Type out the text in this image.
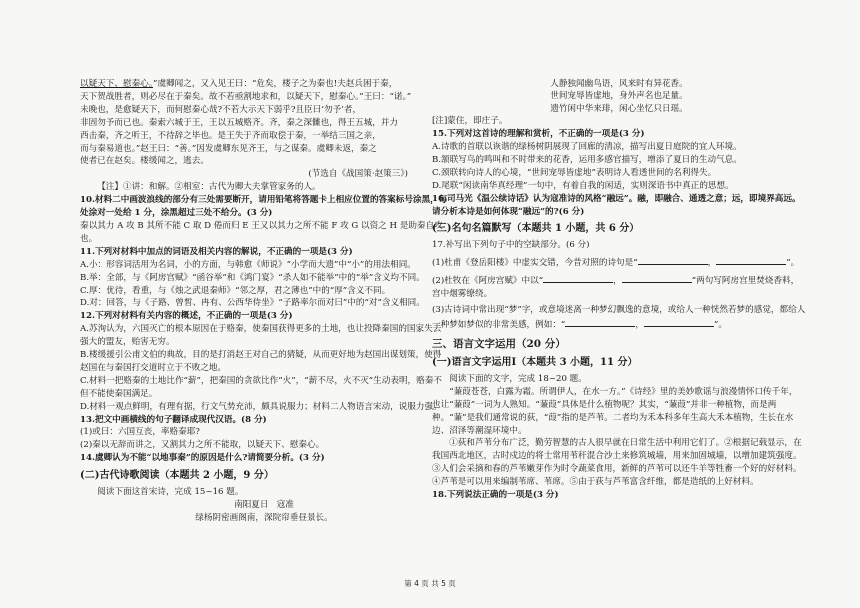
以疑天下、慰秦心。”虞卿闻之，又入见王曰：“危矣，楼子之为秦也!夫赵兵困于秦，

天下贺战胜者，则必尽在于秦矣。故不若亟割地求和，以疑天下，慰秦心。”王曰：“诺。”

未晚也，是愈疑天下，而何慰秦心哉?不若大示天下弱乎?且臣曰‘勿予’者，

非固勿予而已也。秦索六城于王，王以五城赂齐。齐，秦之深雠也，得王五城，并力

西击秦，齐之听王，不待辞之毕也。是王失于齐而取偿于秦，一举结三国之亲，

而与秦易道也。”赵王曰：“善。”因发虞卿东见齐王，与之谋秦。虞卿未返，秦之

使者已在赵矣。楼缓闻之，逃去。

(节选自《战国策·赵策三》)

【注】①讲：和解。②相室：古代为卿大夫掌管家务的人。

10.材料二中画波浪线的部分有三处需要断开，请用铅笔将答题卡上相应位置的答案标号涂黑，每处涂对一处给 1 分，涂黑超过三处不给分。(3 分)

秦以其力 A 攻 B 其所不能 C 取 D 倦而归 E 王又以其力之所不能 F 攻 G 以资之 H 是助秦自攻也。

11.下列对材料中加点的词语及相关内容的解说，不正确的一项是(3 分)

A.小：形容词活用为名词，小的方面，与韩愈《师说》“小学而大遗”中“小”的用法相同。

B.举：全部，与《阿房宫赋》“函谷举”和《鸿门宴》“杀人如不能举”中的“举”含义均不同。

C.厚：优待，看重，与《烛之武退秦师》“邻之厚，君之薄也”中的“厚”含义不同。

D.对：回答，与《子路、曾皙、冉有、公西华侍坐》“子路率尔而对曰”中的“对”含义相同。

12.下列对材料有关内容的概述，不正确的一项是(3 分)

A.苏洵认为，六国灭亡的根本原因在于赂秦，使秦国获得更多的土地，也让投降秦国的国家失去强大的盟友，贻害无穷。

B.楼缓援引公甫文伯的典故，目的是打消赵王对自己的猜疑，从而更好地为赵国出谋划策，使得赵国在与秦国打交道时立于不败之地。

C.材料一把赂秦的土地比作“薪”，把秦国的贪欲比作“火”，“薪不尽，火不灭”生动表明，赂秦不但不能使秦国满足。

D.材料一观点鲜明，有理有据，行文气势充沛，颇具说服力；材料二人物语言宋动，说服力强。

13.把文中画横线的句子翻译成现代汉语。(8 分)

(1)或曰：六国互丧，率赂秦耶?

(2)秦以无辞而讲之，又割其力之所不能取，以疑天下、慰秦心。

14.虞卿认为不能“以地事秦”的原因是什么?请简要分析。(3 分)

(二)古代诗歌阅读（本题共 2 小题，9 分）

阅读下面这首宋诗，完成 15~16 题。

南阳夏日 寇准

绿杨阴密画阁南，深院帘垂昼景长。

人静独闻幽鸟语，风来时有异花香。

世间宠辱皆虚地，身外声名也足量。

遗竹闲中华来琲，闲心坐忆只日瑶。

[注]蒙住，即庄子。

15.下列对这首诗的理解和赏析，不正确的一项是(3 分)

A.诗歌的首联以诙谐的绿杨树阴展现了回廊的清凉，描写出夏日庭院的宜人环境。

B.颔联写鸟的鸣叫和不时带来的花香，运用多感官描写，增添了夏日的生动气息。

C.颈联转向诗人的心境，“世间宠辱皆虚地”表明诗人看透世间的名利得失。

D.尾联“闲读南华真经理”一句中，有着自我的闲适，实则深语书中真正的思想。

16.司马光《温公续诗话》认为寇准诗的风格“融远”。融，即融合、通透之意；远，即境界高远。请分析本诗是如何体现“融远”的?(6 分)

(三)名句名篇默写（本题共 1 小题，共 6 分）

17.补写出下列句子中的空缺部分。(6 分)

(1)杜甫《登岳阳楼》中虚实交错，今昔对照的诗句是“	，	”。

(2)杜牧在《阿房宫赋》中以“	，	”两句写阿房宫里焚烧香料，宫中烟雾缭绕。

(3)古诗词中常出现“梦”字，或意境迷离一种梦幻飘逸的意境，或给人一种恍然若梦的感觉，都给人一种梦如梦似的非常美感，例如：“	，	”。

三、语言文字运用（20 分）

(一)语言文字运用Ⅰ（本题共 3 小题，11 分）

阅读下面的文字，完成 18~20 题。

“蒹葭苍苍，白露为霜。所谓伊人，在水一方。”《诗经》里的美妙歌谣与浪漫情怀口传千年，也让“蒹葭”一词为人熟知。“蒹葭”具体是什么植物呢？其实，“蒹葭”并非一种植物，而是两种。“蒹”是我们通常说的荻，“葭”指的是芦苇。二者均为禾本科多年生高大禾本植物，生长在水边、沼泽等潮湿环境中。

①荻和芦苇分布广泛，勤劳智慧的古人很早就在日常生活中利用它们了。②根据记载显示，在我国西北地区，古时戍边的将士常用苇秆混合沙土来修筑城墙，用来加固城墙，以增加建筑强度。③人们会采摘和春的芦苇嫩芽作为时令蔬菜食用，新鲜的芦苇可以还牛羊等牲畜一个好的好材料。④芦苇是可以用来编制苇席、苇席。⑤由于荻与芦苇富含纤维，都是造纸的上好材料。

18.下列说法正确的一项是(3 分)

第 4 页 共 5 页
